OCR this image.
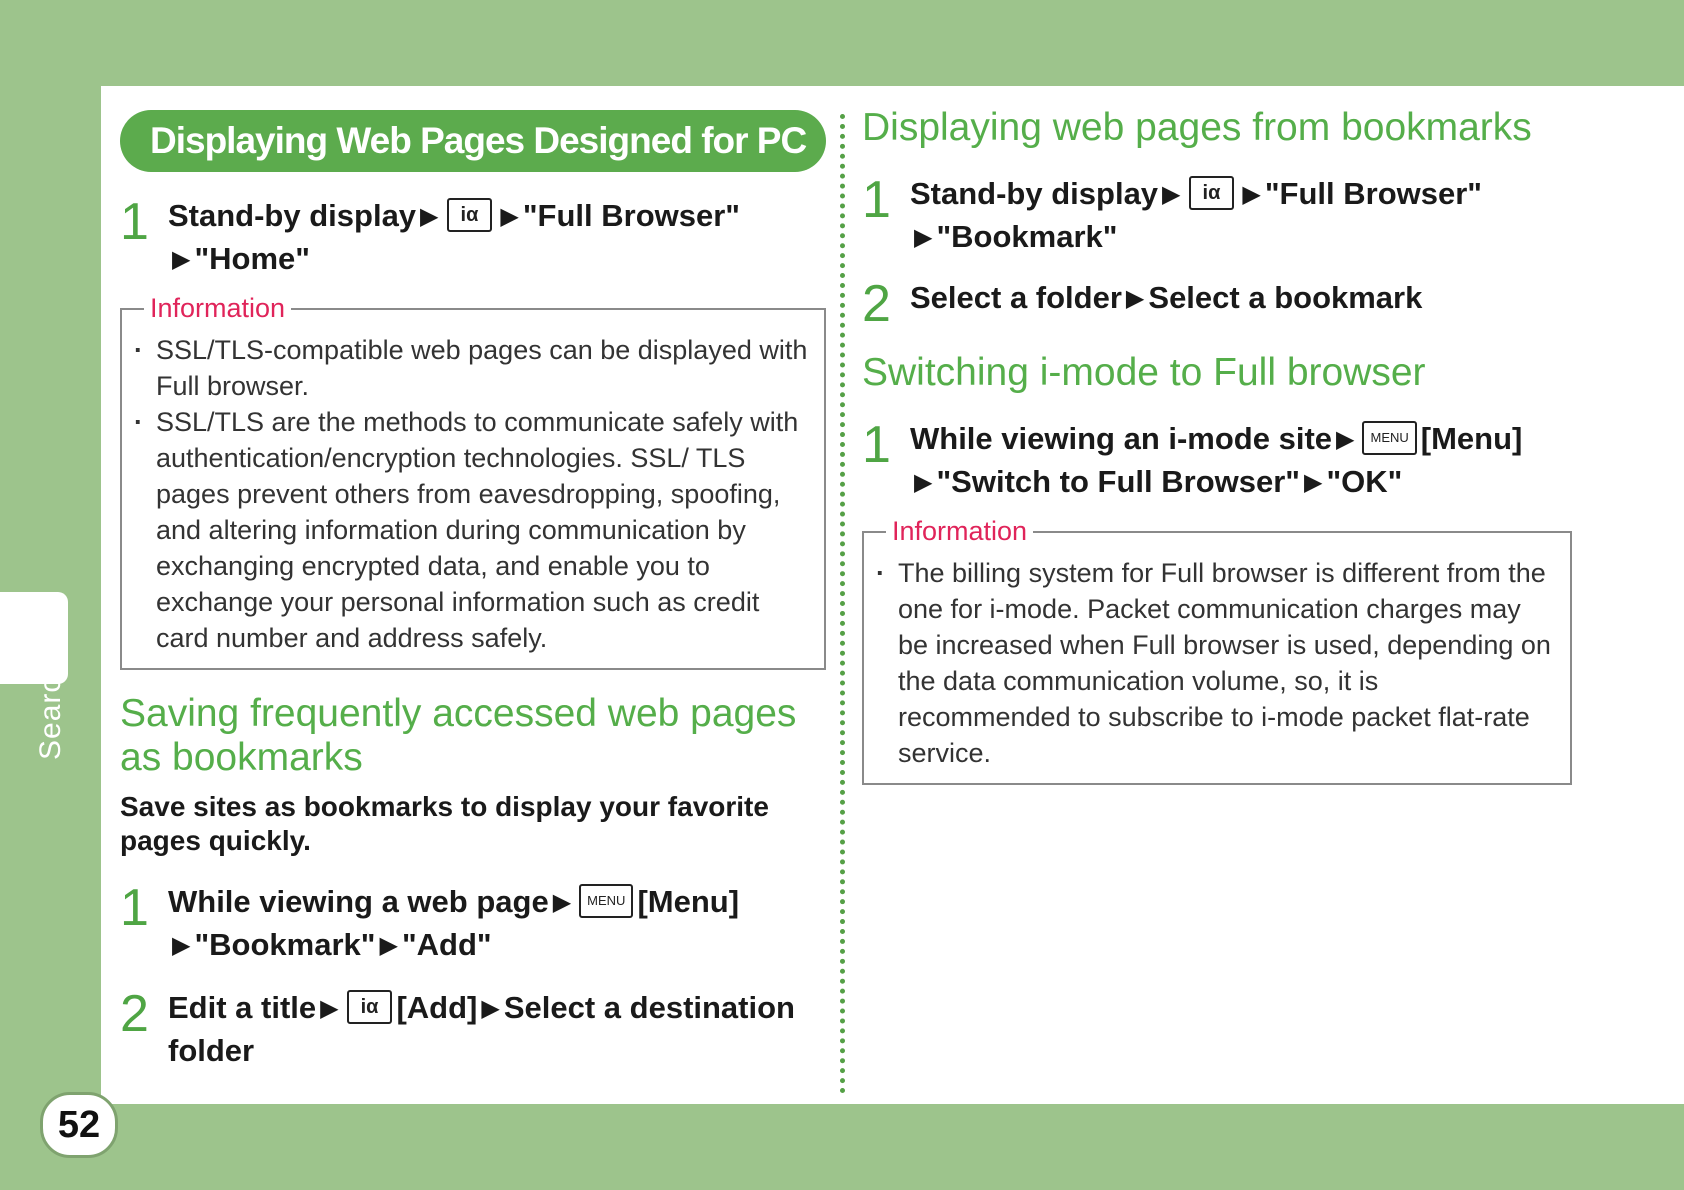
Search
52
Displaying Web Pages Designed for PC
1 Stand-by display ▶ iα ▶ "Full Browser"
▶ "Home"
Information
· SSL/TLS-compatible web pages can be displayed with Full browser.
· SSL/TLS are the methods to communicate safely with authentication/encryption technologies. SSL/ TLS pages prevent others from eavesdropping, spoofing, and altering information during communication by exchanging encrypted data, and enable you to exchange your personal information such as credit card number and address safely.
Saving frequently accessed web pages as bookmarks
Save sites as bookmarks to display your favorite pages quickly.
1 While viewing a web page ▶ MENU [Menu]
▶ "Bookmark" ▶ "Add"
2 Edit a title ▶ iα [Add] ▶ Select a destination folder
Displaying web pages from bookmarks
1 Stand-by display ▶ iα ▶ "Full Browser"
▶ "Bookmark"
2 Select a folder ▶ Select a bookmark
Switching i-mode to Full browser
1 While viewing an i-mode site ▶ MENU [Menu]
▶ "Switch to Full Browser" ▶ "OK"
Information
· The billing system for Full browser is different from the one for i-mode. Packet communication charges may be increased when Full browser is used, depending on the data communication volume, so, it is recommended to subscribe to i-mode packet flat-rate service.
